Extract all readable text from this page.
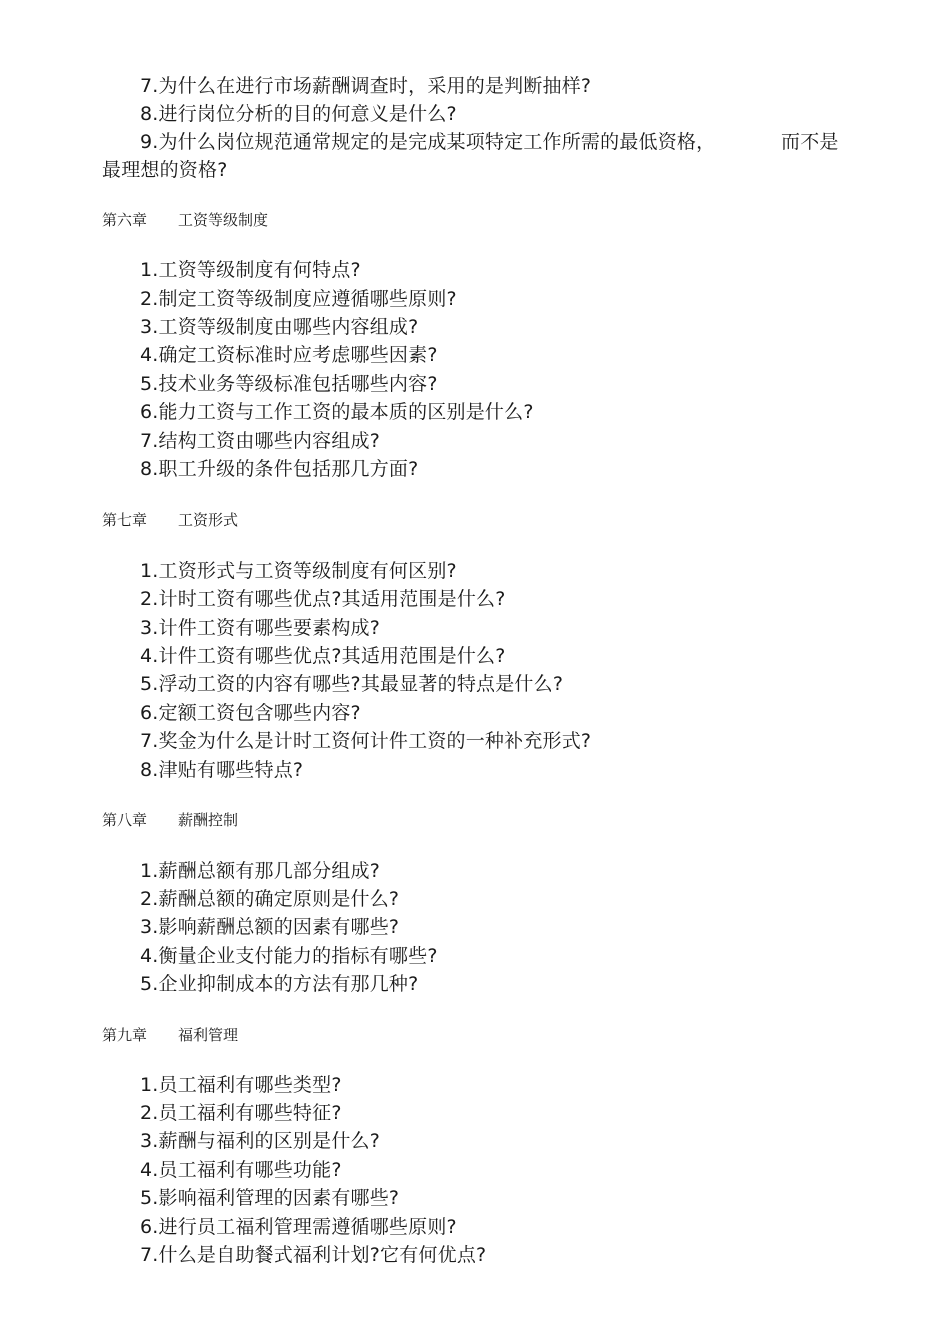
7.为什么在进行市场薪酬调查时，采用的是判断抽样?
8.进行岗位分析的目的何意义是什么?
9.为什么岗位规范通常规定的是完成某项特定工作所需的最低资格，	而不是
最理想的资格?
第六章 工资等级制度
1.工资等级制度有何特点?
2.制定工资等级制度应遵循哪些原则?
3.工资等级制度由哪些内容组成?
4.确定工资标准时应考虑哪些因素?
5.技术业务等级标准包括哪些内容?
6.能力工资与工作工资的最本质的区别是什么?
7.结构工资由哪些内容组成?
8.职工升级的条件包括那几方面?
第七章 工资形式
1.工资形式与工资等级制度有何区别?
2.计时工资有哪些优点?其适用范围是什么?
3.计件工资有哪些要素构成?
4.计件工资有哪些优点?其适用范围是什么?
5.浮动工资的内容有哪些?其最显著的特点是什么?
6.定额工资包含哪些内容?
7.奖金为什么是计时工资何计件工资的一种补充形式?
8.津贴有哪些特点?
第八章 薪酬控制
1.薪酬总额有那几部分组成?
2.薪酬总额的确定原则是什么?
3.影响薪酬总额的因素有哪些?
4.衡量企业支付能力的指标有哪些?
5.企业抑制成本的方法有那几种?
第九章 福利管理
1.员工福利有哪些类型?
2.员工福利有哪些特征?
3.薪酬与福利的区别是什么?
4.员工福利有哪些功能?
5.影响福利管理的因素有哪些?
6.进行员工福利管理需遵循哪些原则?
7.什么是自助餐式福利计划?它有何优点?
